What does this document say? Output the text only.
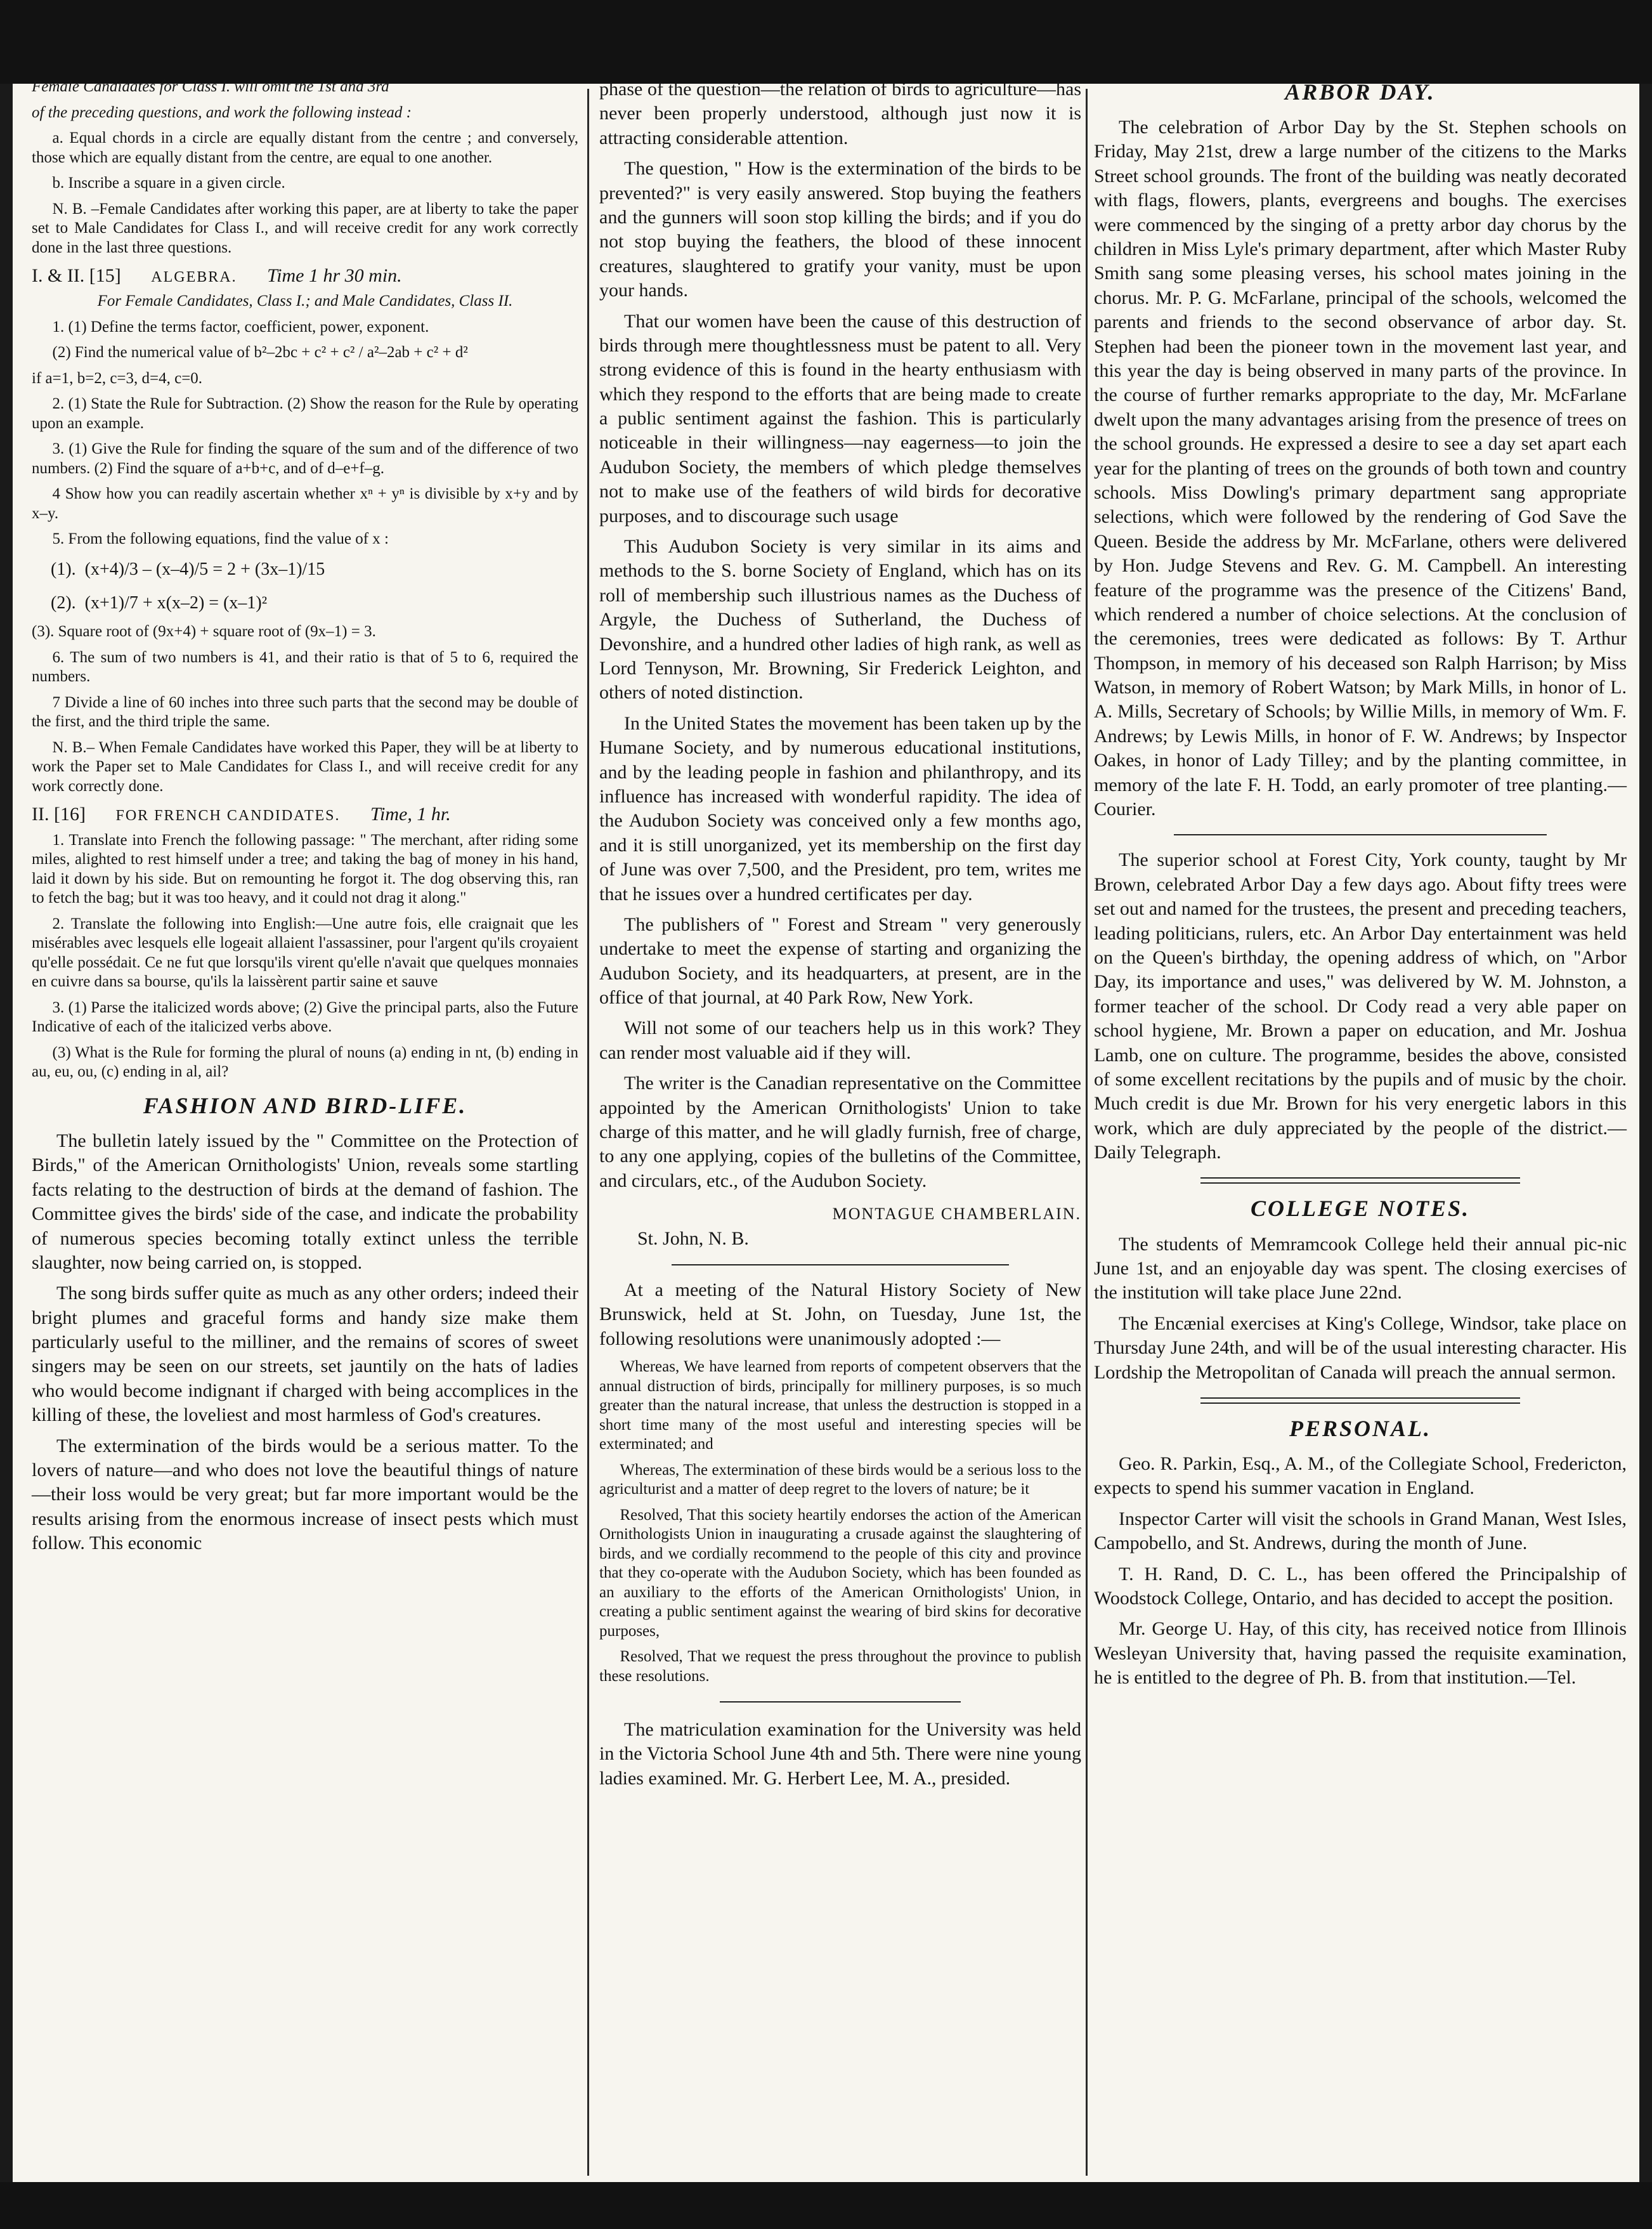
Female Candidates for Class I. will omit the 1st and 3rd

of the preceding questions, and work the following instead :

a. Equal chords in a circle are equally distant from the centre ; and conversely, those which are equally distant from the centre, are equal to one another.

b. Inscribe a square in a given circle.

N. B. –Female Candidates after working this paper, are at liberty to take the paper set to Male Candidates for Class I., and will receive credit for any work correctly done in the last three questions.

I. & II. [15] ALGEBRA. Time 1 hr 30 min.

For Female Candidates, Class I.; and Male Candidates, Class II.

1. (1) Define the terms factor, coefficient, power, exponent.

(2) Find the numerical value of b²–2bc + c² + c² / a²–2ab + c² + d²

if a=1, b=2, c=3, d=4, c=0.

2. (1) State the Rule for Subtraction. (2) Show the reason for the Rule by operating upon an example.

3. (1) Give the Rule for finding the square of the sum and of the difference of two numbers. (2) Find the square of a+b+c, and of d–e+f–g.

4 Show how you can readily ascertain whether xⁿ + yⁿ is divisible by x+y and by x–y.

5. From the following equations, find the value of x :

(1).  (x+4)/3 – (x–4)/5 = 2 + (3x–1)/15
(2).  (x+1)/7 + x(x–2) = (x–1)²

(3). Square root of (9x+4) + square root of (9x–1) = 3.

6. The sum of two numbers is 41, and their ratio is that of 5 to 6, required the numbers.

7 Divide a line of 60 inches into three such parts that the second may be double of the first, and the third triple the same.

N. B.– When Female Candidates have worked this Paper, they will be at liberty to work the Paper set to Male Candidates for Class I., and will receive credit for any work correctly done.

II. [16] FOR FRENCH CANDIDATES. Time, 1 hr.

1. Translate into French the following passage: " The merchant, after riding some miles, alighted to rest himself under a tree; and taking the bag of money in his hand, laid it down by his side. But on remounting he forgot it. The dog observing this, ran to fetch the bag; but it was too heavy, and it could not drag it along."

2. Translate the following into English:—Une autre fois, elle craignait que les misérables avec lesquels elle logeait allaient l'assassiner, pour l'argent qu'ils croyaient qu'elle possédait. Ce ne fut que lorsqu'ils virent qu'elle n'avait que quelques monnaies en cuivre dans sa bourse, qu'ils la laissèrent partir saine et sauve

3. (1) Parse the italicized words above; (2) Give the principal parts, also the Future Indicative of each of the italicized verbs above.

(3) What is the Rule for forming the plural of nouns (a) ending in nt, (b) ending in au, eu, ou, (c) ending in al, ail?

FASHION AND BIRD-LIFE.

The bulletin lately issued by the " Committee on the Protection of Birds," of the American Ornithologists' Union, reveals some startling facts relating to the destruction of birds at the demand of fashion. The Committee gives the birds' side of the case, and indicate the probability of numerous species becoming totally extinct unless the terrible slaughter, now being carried on, is stopped.

The song birds suffer quite as much as any other orders; indeed their bright plumes and graceful forms and handy size make them particularly useful to the milliner, and the remains of scores of sweet singers may be seen on our streets, set jauntily on the hats of ladies who would become indignant if charged with being accomplices in the killing of these, the loveliest and most harmless of God's creatures.

The extermination of the birds would be a serious matter. To the lovers of nature—and who does not love the beautiful things of nature—their loss would be very great; but far more important would be the results arising from the enormous increase of insect pests which must follow. This economic

phase of the question—the relation of birds to agriculture—has never been properly understood, although just now it is attracting considerable attention.

The question, " How is the extermination of the birds to be prevented?" is very easily answered. Stop buying the feathers and the gunners will soon stop killing the birds; and if you do not stop buying the feathers, the blood of these innocent creatures, slaughtered to gratify your vanity, must be upon your hands.

That our women have been the cause of this destruction of birds through mere thoughtlessness must be patent to all. Very strong evidence of this is found in the hearty enthusiasm with which they respond to the efforts that are being made to create a public sentiment against the fashion. This is particularly noticeable in their willingness—nay eagerness—to join the Audubon Society, the members of which pledge themselves not to make use of the feathers of wild birds for decorative purposes, and to discourage such usage

This Audubon Society is very similar in its aims and methods to the S. borne Society of England, which has on its roll of membership such illustrious names as the Duchess of Argyle, the Duchess of Sutherland, the Duchess of Devonshire, and a hundred other ladies of high rank, as well as Lord Tennyson, Mr. Browning, Sir Frederick Leighton, and others of noted distinction.

In the United States the movement has been taken up by the Humane Society, and by numerous educational institutions, and by the leading people in fashion and philanthropy, and its influence has increased with wonderful rapidity. The idea of the Audubon Society was conceived only a few months ago, and it is still unorganized, yet its membership on the first day of June was over 7,500, and the President, pro tem, writes me that he issues over a hundred certificates per day.

The publishers of " Forest and Stream " very generously undertake to meet the expense of starting and organizing the Audubon Society, and its headquarters, at present, are in the office of that journal, at 40 Park Row, New York.

Will not some of our teachers help us in this work? They can render most valuable aid if they will.

The writer is the Canadian representative on the Committee appointed by the American Ornithologists' Union to take charge of this matter, and he will gladly furnish, free of charge, to any one applying, copies of the bulletins of the Committee, and circulars, etc., of the Audubon Society.

MONTAGUE CHAMBERLAIN.

St. John, N. B.

At a meeting of the Natural History Society of New Brunswick, held at St. John, on Tuesday, June 1st, the following resolutions were unanimously adopted :—

Whereas, We have learned from reports of competent observers that the annual distruction of birds, principally for millinery purposes, is so much greater than the natural increase, that unless the destruction is stopped in a short time many of the most useful and interesting species will be exterminated; and

Whereas, The extermination of these birds would be a serious loss to the agriculturist and a matter of deep regret to the lovers of nature; be it

Resolved, That this society heartily endorses the action of the American Ornithologists Union in inaugurating a crusade against the slaughtering of birds, and we cordially recommend to the people of this city and province that they co-operate with the Audubon Society, which has been founded as an auxiliary to the efforts of the American Ornithologists' Union, in creating a public sentiment against the wearing of bird skins for decorative purposes,

Resolved, That we request the press throughout the province to publish these resolutions.

The matriculation examination for the University was held in the Victoria School June 4th and 5th. There were nine young ladies examined. Mr. G. Herbert Lee, M. A., presided.

ARBOR DAY.

The celebration of Arbor Day by the St. Stephen schools on Friday, May 21st, drew a large number of the citizens to the Marks Street school grounds. The front of the building was neatly decorated with flags, flowers, plants, evergreens and boughs. The exercises were commenced by the singing of a pretty arbor day chorus by the children in Miss Lyle's primary department, after which Master Ruby Smith sang some pleasing verses, his school mates joining in the chorus. Mr. P. G. McFarlane, principal of the schools, welcomed the parents and friends to the second observance of arbor day. St. Stephen had been the pioneer town in the movement last year, and this year the day is being observed in many parts of the province. In the course of further remarks appropriate to the day, Mr. McFarlane dwelt upon the many advantages arising from the presence of trees on the school grounds. He expressed a desire to see a day set apart each year for the planting of trees on the grounds of both town and country schools. Miss Dowling's primary department sang appropriate selections, which were followed by the rendering of God Save the Queen. Beside the address by Mr. McFarlane, others were delivered by Hon. Judge Stevens and Rev. G. M. Campbell. An interesting feature of the programme was the presence of the Citizens' Band, which rendered a number of choice selections. At the conclusion of the ceremonies, trees were dedicated as follows: By T. Arthur Thompson, in memory of his deceased son Ralph Harrison; by Miss Watson, in memory of Robert Watson; by Mark Mills, in honor of L. A. Mills, Secretary of Schools; by Willie Mills, in memory of Wm. F. Andrews; by Lewis Mills, in honor of F. W. Andrews; by Inspector Oakes, in honor of Lady Tilley; and by the planting committee, in memory of the late F. H. Todd, an early promoter of tree planting.—Courier.

The superior school at Forest City, York county, taught by Mr Brown, celebrated Arbor Day a few days ago. About fifty trees were set out and named for the trustees, the present and preceding teachers, leading politicians, rulers, etc. An Arbor Day entertainment was held on the Queen's birthday, the opening address of which, on "Arbor Day, its importance and uses," was delivered by W. M. Johnston, a former teacher of the school. Dr Cody read a very able paper on school hygiene, Mr. Brown a paper on education, and Mr. Joshua Lamb, one on culture. The programme, besides the above, consisted of some excellent recitations by the pupils and of music by the choir. Much credit is due Mr. Brown for his very energetic labors in this work, which are duly appreciated by the people of the district.—Daily Telegraph.

COLLEGE NOTES.

The students of Memramcook College held their annual pic-nic June 1st, and an enjoyable day was spent. The closing exercises of the institution will take place June 22nd.

The Encænial exercises at King's College, Windsor, take place on Thursday June 24th, and will be of the usual interesting character. His Lordship the Metropolitan of Canada will preach the annual sermon.

PERSONAL.

Geo. R. Parkin, Esq., A. M., of the Collegiate School, Fredericton, expects to spend his summer vacation in England.

Inspector Carter will visit the schools in Grand Manan, West Isles, Campobello, and St. Andrews, during the month of June.

T. H. Rand, D. C. L., has been offered the Principalship of Woodstock College, Ontario, and has decided to accept the position.

Mr. George U. Hay, of this city, has received notice from Illinois Wesleyan University that, having passed the requisite examination, he is entitled to the degree of Ph. B. from that institution.—Tel.
